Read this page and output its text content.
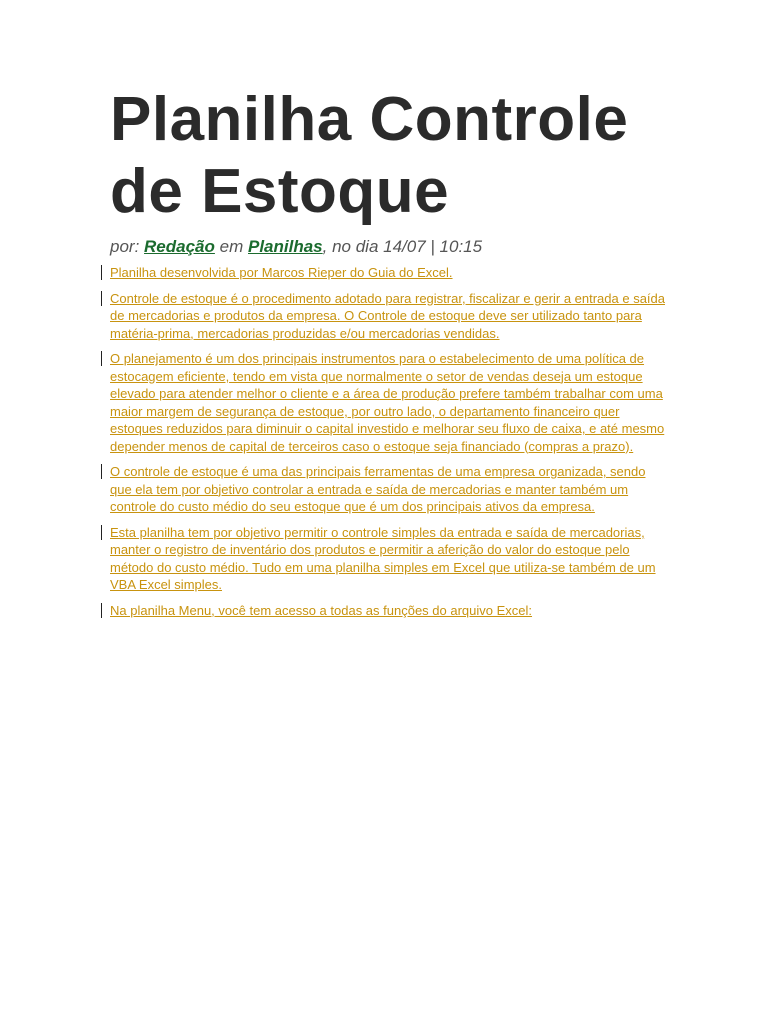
Planilha Controle de Estoque
por: Redação em Planilhas, no dia 14/07 | 10:15

Planilha desenvolvida por Marcos Rieper do Guia do Excel.

Controle de estoque é o procedimento adotado para registrar, fiscalizar e gerir a entrada e saída de mercadorias e produtos da empresa. O Controle de estoque deve ser utilizado tanto para matéria-prima, mercadorias produzidas e/ou mercadorias vendidas.

O planejamento é um dos principais instrumentos para o estabelecimento de uma política de estocagem eficiente, tendo em vista que normalmente o setor de vendas deseja um estoque elevado para atender melhor o cliente e a área de produção prefere também trabalhar com uma maior margem de segurança de estoque, por outro lado, o departamento financeiro quer estoques reduzidos para diminuir o capital investido e melhorar seu fluxo de caixa, e até mesmo depender menos de capital de terceiros caso o estoque seja financiado (compras a prazo).

O controle de estoque é uma das principais ferramentas de uma empresa organizada, sendo que ela tem por objetivo controlar a entrada e saída de mercadorias e manter também um controle do custo médio do seu estoque que é um dos principais ativos da empresa.

Esta planilha tem por objetivo permitir o controle simples da entrada e saída de mercadorias, manter o registro de inventário dos produtos e permitir a aferição do valor do estoque pelo método do custo médio. Tudo em uma planilha simples em Excel que utiliza-se também de um VBA Excel simples.

Na planilha Menu, você tem acesso a todas as funções do arquivo Excel:
